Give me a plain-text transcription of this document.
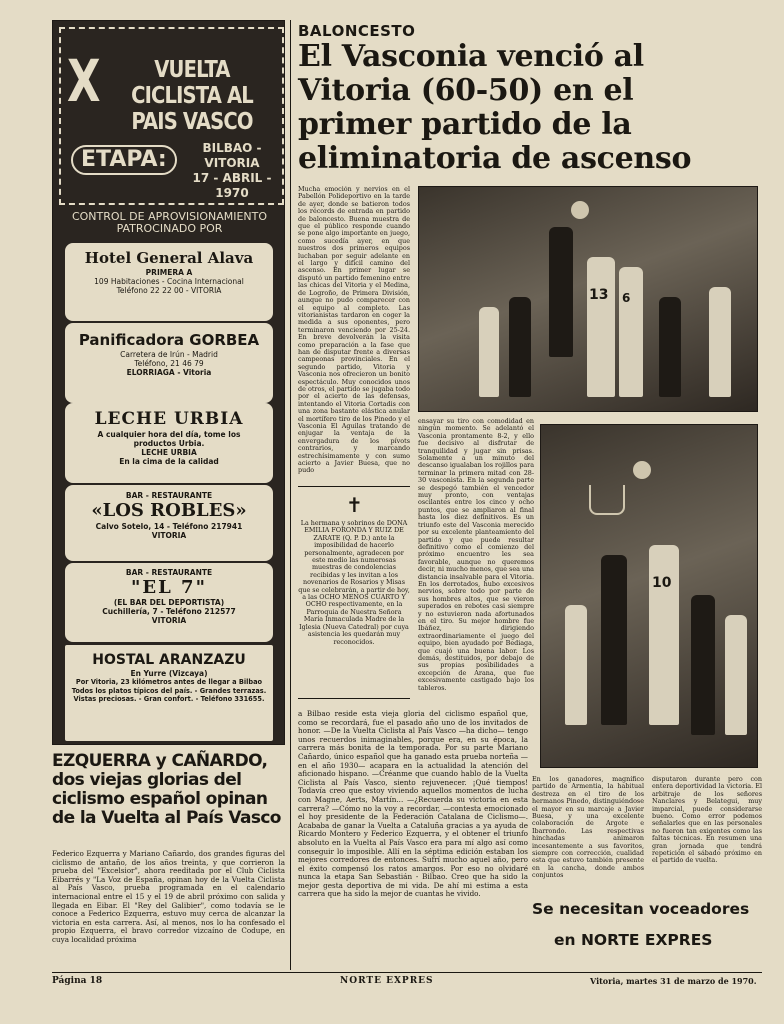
X	VUELTA CICLISTA AL PAIS VASCO
ETAPA:	BILBAO - VITORIA
17 - ABRIL - 1970
CONTROL DE APROVISIONAMIENTO PATROCINADO POR
Hotel General Alava
PRIMERA A
109 Habitaciones - Cocina Internacional
Teléfono 22 22 00 - VITORIA
Panificadora GORBEA
Carretera de Irún - Madrid
Teléfono, 21 46 79
ELORRIAGA - Vitoria
LECHE URBIA
A cualquier hora del día, tome los productos Urbia.
LECHE URBIA
En la cima de la calidad
BAR - RESTAURANTE
«LOS ROBLES»
Calvo Sotelo, 14 - Teléfono 217941
VITORIA
BAR - RESTAURANTE
"EL 7"
(EL BAR DEL DEPORTISTA)
Cuchillería, 7 - Teléfono 212577
VITORIA
HOSTAL ARANZAZU
En Yurre (Vizcaya)
Por Vitoria, 23 kilómetros antes de llegar a Bilbao
Todos los platos típicos del país. - Grandes terrazas. Vistas preciosas. - Gran confort. - Teléfono 331655.
BALONCESTO
El Vasconia venció al Vitoria (60-50) en el primer partido de la eliminatoria de ascenso
Mucha emoción y nervios en el Pabellón Polideportivo en la tarde de ayer, donde se batieron todos los récords de entrada en partido de baloncesto. Buena muestra de que el público responde cuando se pone algo importante en juego, como sucedía ayer, en que nuestros dos primeros equipos luchaban por seguir adelante en el largo y difícil camino del ascenso. En primer lugar se disputó un partido femenino entre las chicas del Vitoria y el Medina, de Logroño, de Primera División, aunque no pudo comparecer con el equipo al completo. Las vitorianistas tardaron en coger la medida a sus oponentes, pero terminaron venciendo por 25-24. En breve devolverán la visita como preparación a la fase que han de disputar frente a diversas campeonas provinciales. En el segundo partido, Vitoria y Vasconia nos ofrecieron un bonito espectáculo. Muy conocidos unos de otros, el partido se jugaba todo por el acierto de las defensas, intentando el Vitoria Cortadis con una zona bastante elástica anular el mortífero tiro de los Pinedo y el Vasconia El Aguilas tratando de enjugar la ventaja de la envergadura de los pívots contrarios, y marcando estrechísimamente y con sumo acierto a Javier Buesa, que no pudo
✝
La hermana y sobrinos de DOÑA EMILIA FORONDA Y RUIZ DE ZARATE (Q. P. D.) ante la imposibilidad de hacerlo personalmente, agradecen por este medio las numerosas muestras de condolencias recibidas y les invitan a los novenarios de Rosarios y Misas que se celebrarán, a partir de hoy, a las OCHO MENOS CUARTO Y OCHO respectivamente, en la Parroquia de Nuestra Señora María Inmaculada Madre de la Iglesia (Nueva Catedral) por cuya asistencia les quedarán muy reconocidos.
13 6
ensayar su tiro con comodidad en ningún momento. Se adelantó el Vasconia prontamente 8-2, y ello fue decisivo al disfrutar de tranquilidad y jugar sin prisas. Solamente a un minuto del descanso igualaban los rojillos para terminar la primera mitad con 28-30 vasconista. En la segunda parte se despegó también el vencedor muy pronto, con ventajas oscilantes entre los cinco y ocho puntos, que se ampliaron al final hasta los diez definitivos. Es un triunfo este del Vasconia merecido por su excelente planteamiento del partido y que puede resultar definitivo como el comienzo del próximo encuentro les sea favorable, aunque no queremos decir, ni mucho menos, que sea una distancia insalvable para el Vitoria. En los derrotados, hubo excesivos nervios, sobre todo por parte de sus hombres altos, que se vieron superados en rebotes casi siempre y no estuvieron nada afortunados en el tiro. Su mejor hombre fue Ibáñez, dirigiendo extraordinariamente el juego del equipo, bien ayudado por Bediaga, que cuajó una buena labor. Los demás, destituidos, por debajo de sus propias posibilidades a excepción de Arana, que fue excesivamente castigado bajo los tableros.
10
a Bilbao reside esta vieja gloria del ciclismo español que, como se recordará, fue el pasado año uno de los invitados de honor. —De la Vuelta Ciclista al País Vasco —ha dicho— tengo unos recuerdos inimaginables, porque era, en su época, la carrera más bonita de la temporada. Por su parte Mariano Cañardo, único español que ha ganado esta prueba norteña —en el año 1930— acapara en la actualidad la atención del aficionado hispano. —Créanme que cuando hablo de la Vuelta Ciclista al País Vasco, siento rejuvenecer. ¡Qué tiempos! Todavía creo que estoy viviendo aquellos momentos de lucha con Magne, Aerts, Martín... —¿Recuerda su victoria en esta carrera? —Cómo no la voy a recordar, —contesta emocionado el hoy presidente de la Federación Catalana de Ciclismo—. Acababa de ganar la Vuelta a Cataluña gracias a ya ayuda de Ricardo Montero y Federico Ezquerra, y el obtener el triunfo absoluto en la Vuelta al País Vasco era para mí algo así como conseguir lo imposible. Allí en la séptima edición estaban los mejores corredores de entonces. Sufrí mucho aquel año, pero el éxito compensó los ratos amargos. Por eso no olvidaré nunca la etapa San Sebastián - Bilbao. Creo que ha sido la mejor gesta deportiva de mi vida. De ahí mi estima a esta carrera que ha sido la mejor de cuantas he vivido.
En los ganadores, magnífico partido de Armentia, la habitual destreza en el tiro de los hermanos Pinedo, distinguiéndose el mayor en su marcaje a Javier Buesa, y una excelente colaboración de Argote e Ibarrondo. Las respectivas hinchadas animaron incesantemente a sus favoritos, siempre con corrección, cualidad esta que estuvo también presente en la cancha, donde ambos conjuntos
disputaron durante pero con entera deportividad la victoria. El arbitraje de los señores Nanclares y Belategui, muy imparcial, puede considerarse bueno. Como error podemos señalarles que en las personales no fueron tan exigentes como las faltas técnicas. En resumen una gran jornada que tendrá repetición el sábado próximo en el partido de vuelta.
Se necesitan voceadores
en NORTE EXPRES
EZQUERRA y CAÑARDO, dos viejas glorias del ciclismo español opinan de la Vuelta al País Vasco
Federico Ezquerra y Mariano Cañardo, dos grandes figuras del ciclismo de antaño, de los años treinta, y que corrieron la prueba del "Excelsior", ahora reeditada por el Club Ciclista Eibarrés y "La Voz de España, opinan hoy de la Vuelta Ciclista al País Vasco, prueba programada en el calendario internacional entre el 15 y el 19 de abril próximo con salida y llegada en Eibar. El "Rey del Galibier", como todavía se le conoce a Federico Ezquerra, estuvo muy cerca de alcanzar la victoria en esta carrera. Así, al menos, nos lo ha confesado el propio Ezquerra, el bravo corredor vizcaíno de Codupe, en cuya localidad próxima
Página 18	NORTE EXPRES	Vitoria, martes 31 de marzo de 1970.
